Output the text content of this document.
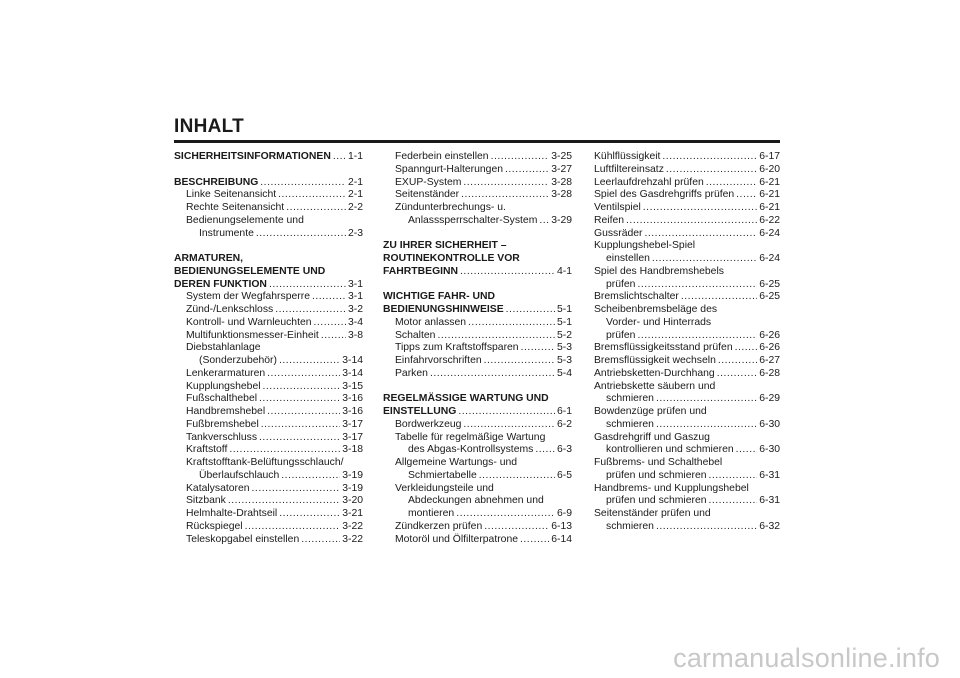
INHALT
SICHERHEITSINFORMATIONEN ..... 1-1
BESCHREIBUNG .....	2-1
Linke Seitenansicht .....	2-1
Rechte Seitenansicht .....	2-2
Bedienungselemente und
Instrumente .....	2-3
ARMATUREN,
BEDIENUNGSELEMENTE UND
DEREN FUNKTION .....	3-1
System der Wegfahrsperre .....	3-1
Zünd-/Lenkschloss .....	3-2
Kontroll- und Warnleuchten .....	3-4
Multifunktionsmesser-Einheit .....	3-8
Diebstahlanlage
(Sonderzubehör) .....	3-14
Lenkerarmaturen .....	3-14
Kupplungshebel .....	3-15
Fußschalthebel .....	3-16
Handbremshebel .....	3-16
Fußbremshebel .....	3-17
Tankverschluss .....	3-17
Kraftstoff .....	3-18
Kraftstofftank-Belüftungsschlauch/
Überlaufschlauch .....	3-19
Katalysatoren .....	3-19
Sitzbank .....	3-20
Helmhalte-Drahtseil .....	3-21
Rückspiegel .....	3-22
Teleskopgabel einstellen .....	3-22
Federbein einstellen .....	3-25
Spanngurt-Halterungen .....	3-27
EXUP-System .....	3-28
Seitenständer .....	3-28
Zündunterbrechungs- u.
Anlasssperrschalter-System ..... 3-29
ZU IHRER SICHERHEIT –
ROUTINEKONTROLLE VOR
FAHRTBEGINN .....	4-1
WICHTIGE FAHR- UND
BEDIENUNGSHINWEISE .....	5-1
Motor anlassen .....	5-1
Schalten .....	5-2
Tipps zum Kraftstoffsparen .....	5-3
Einfahrvorschriften .....	5-3
Parken .....	5-4
REGELMÄSSIGE WARTUNG UND
EINSTELLUNG .....	6-1
Bordwerkzeug .....	6-2
Tabelle für regelmäßige Wartung
des Abgas-Kontrollsystems ..... 6-3
Allgemeine Wartungs- und
Schmiertabelle .....	6-5
Verkleidungsteile und
Abdeckungen abnehmen und
montieren .....	6-9
Zündkerzen prüfen .....	6-13
Motoröl und Ölfilterpatrone .....	6-14
Kühlflüssigkeit .....	6-17
Luftfiltereinsatz .....	6-20
Leerlaufdrehzahl prüfen .....	6-21
Spiel des Gasdrehgriffs prüfen ..... 6-21
Ventilspiel .....	6-21
Reifen .....	6-22
Gussräder .....	6-24
Kupplungshebel-Spiel
einstellen .....	6-24
Spiel des Handbremshebels
prüfen .....	6-25
Bremslichtschalter .....	6-25
Scheibenbremsbeläge des
Vorder- und Hinterrads
prüfen .....	6-26
Bremsflüssigkeitsstand prüfen .....	6-26
Bremsflüssigkeit wechseln .....	6-27
Antriebsketten-Durchhang .....	6-28
Antriebskette säubern und
schmieren .....	6-29
Bowdenzüge prüfen und
schmieren .....	6-30
Gasdrehgriff und Gaszug
kontrollieren und schmieren ..... 6-30
Fußbrems- und Schalthebel
prüfen und schmieren .....	6-31
Handbrems- und Kupplungshebel
prüfen und schmieren .....	6-31
Seitenständer prüfen und
schmieren .....	6-32
carmanualsonline.info
